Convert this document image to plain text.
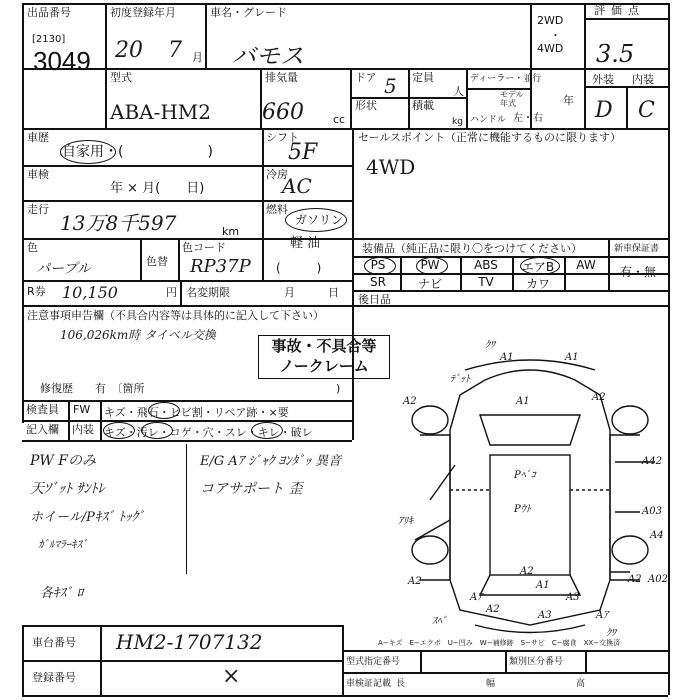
出品番号
[2130]
3049
初度登録年月
20 7 月
車名・グレード
バモス
2WD
・
4WD
評価点
3.5
外装 内装
D C
型式
ABA-HM2
排気量
660	cc
ドア 5
形状
定員
人
積載
kg
ディーラー・並行
モデル
年式	年
ハンドル 左・右
車歴
自家用・(　　　　　　)
シフト
5F
セールスポイント（正常に機能するものに限ります）
4WD
車検
年 × 月(　　日)
冷房
AC
走行
13万8千597	km
燃料
ガソリン
軽 油
(　　　)
色
パープル	色替
色コード
RP37P
装備品（純正品に限り〇をつけてください）	新車保証書
有・無
PS	PW	ABS	エアB	AW
SR	ナビ	TV	カワ
後日品
R券 10,150	円 名変期限	月	日
注意事項申告欄（不具合内容等は具体的に記入して下さい）
106,026km時 タイベル交換
事故・不具合等
ノークレーム
修復歴　　有　〔箇所	)
検査員
記入欄
FW キズ・飛石・ヒビ割・リペア跡・×要
内装 キズ・汚レ・コゲ・穴・スレ・キレ・破レ
PW Fのみ
天ｿﾞｯﾄ ｻﾝﾄﾚ
ホイール/Pｷｽﾞ ﾄｯｸﾞ
ｶﾞﾙﾏﾗｰｷｽﾞ
各ｷｽﾞ ﾛ
E/G Aｱ ｼﾞｬｸ ﾖﾝﾀﾞｯ 異音
コアサポート 歪
ｸﾜ
A1	A1
ﾃﾞｯﾄ
A2	A1	A2
A42
Pﾍﾞｺ
Pｳﾄ	A03
A4
ｱﾘｷ
A2
A2
A1
A2 A02
Aｱ	A3
ｽﾍﾟ
A2
A3	Aｱ
ｸﾜ
A−キズ　E−エクボ　U−凹み　W−補修跡　S−サビ　C−腐食　XX−交換済
車台番号 HM2-1707132
登録番号	×
型式指定番号	類別区分番号
車検証記載 長	幅	高
